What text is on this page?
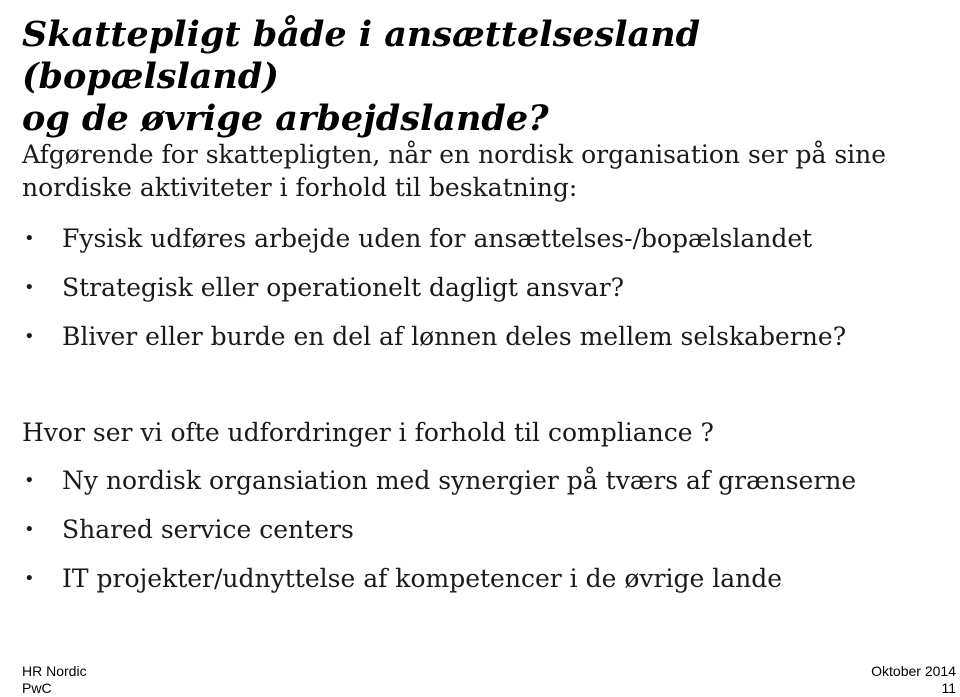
Skattepligt både i ansættelsesland (bopælsland)
og de øvrige arbejdslande?
Afgørende for skattepligten, når en nordisk organisation ser på sine
nordiske aktiviteter i forhold til beskatning:
• Fysisk udføres arbejde uden for ansættelses-/bopælslandet
• Strategisk eller operationelt dagligt ansvar?
• Bliver eller burde en del af lønnen deles mellem selskaberne?
Hvor ser vi ofte udfordringer i forhold til compliance ?
• Ny nordisk organsiation med synergier på tværs af grænserne
• Shared service centers
• IT projekter/udnyttelse af kompetencer i de øvrige lande
HR Nordic
PwC
Oktober 2014
11
